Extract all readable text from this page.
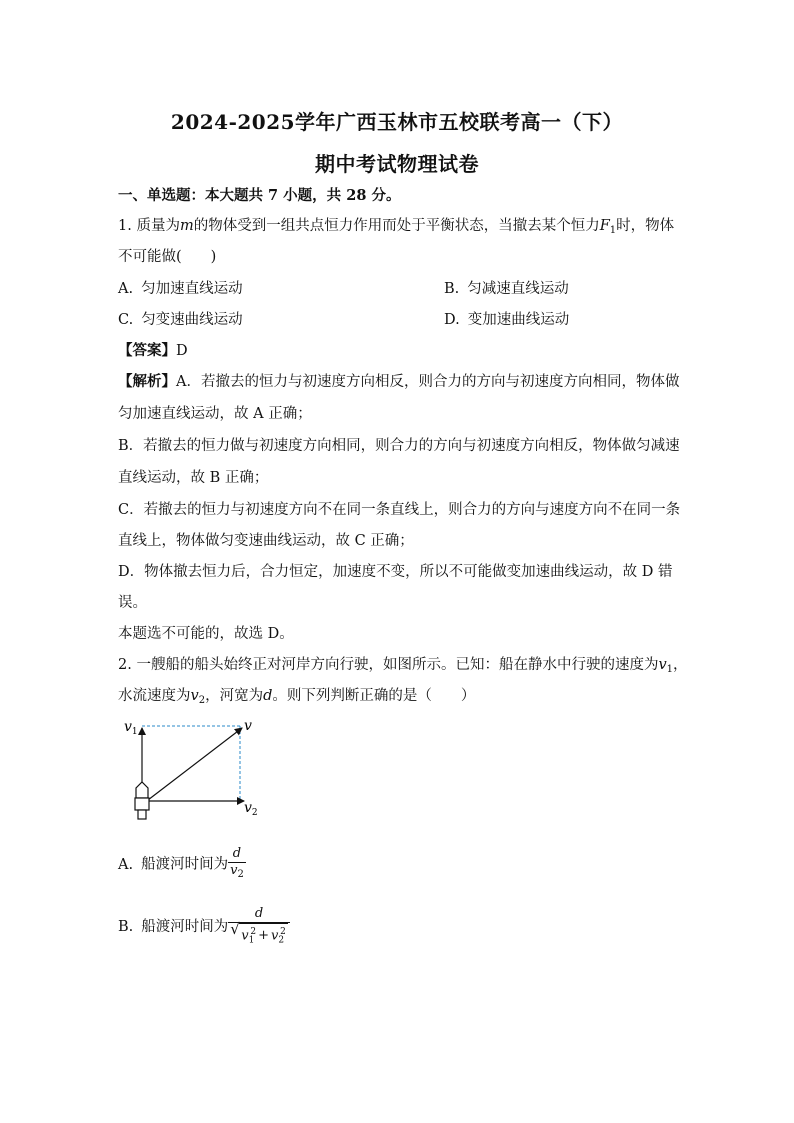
2024-2025学年广西玉林市五校联考高一（下）
期中考试物理试卷
一、单选题：本大题共 7 小题，共 28 分。
1. 质量为m的物体受到一组共点恒力作用而处于平衡状态，当撤去某个恒力$F_1$时，物体
不可能做(　　)
A. 匀加速直线运动	B. 匀减速直线运动
C. 匀变速曲线运动	D. 变加速曲线运动
【答案】D
【解析】A．若撤去的恒力与初速度方向相反，则合力的方向与初速度方向相同，物体做
匀加速直线运动，故 A 正确；
B．若撤去的恒力做与初速度方向相同，则合力的方向与初速度方向相反，物体做匀减速
直线运动，故 B 正确；
C．若撤去的恒力与初速度方向不在同一条直线上，则合力的方向与速度方向不在同一条
直线上，物体做匀变速曲线运动，故 C 正确；
D．物体撤去恒力后，合力恒定，加速度不变，所以不可能做变加速曲线运动，故 D 错
误。
本题选不可能的，故选 D。
2. 一艘船的船头始终正对河岸方向行驶，如图所示。已知：船在静水中行驶的速度为$v_1$，
水流速度为$v_2$，河宽为d。则下列判断正确的是（　　）
$v_1$	v
$v_2$
A. 船渡河时间为 $\frac{d}{v_2}$
B. 船渡河时间为 $\frac{d}{√ v_1^2 + v_2^2}$
